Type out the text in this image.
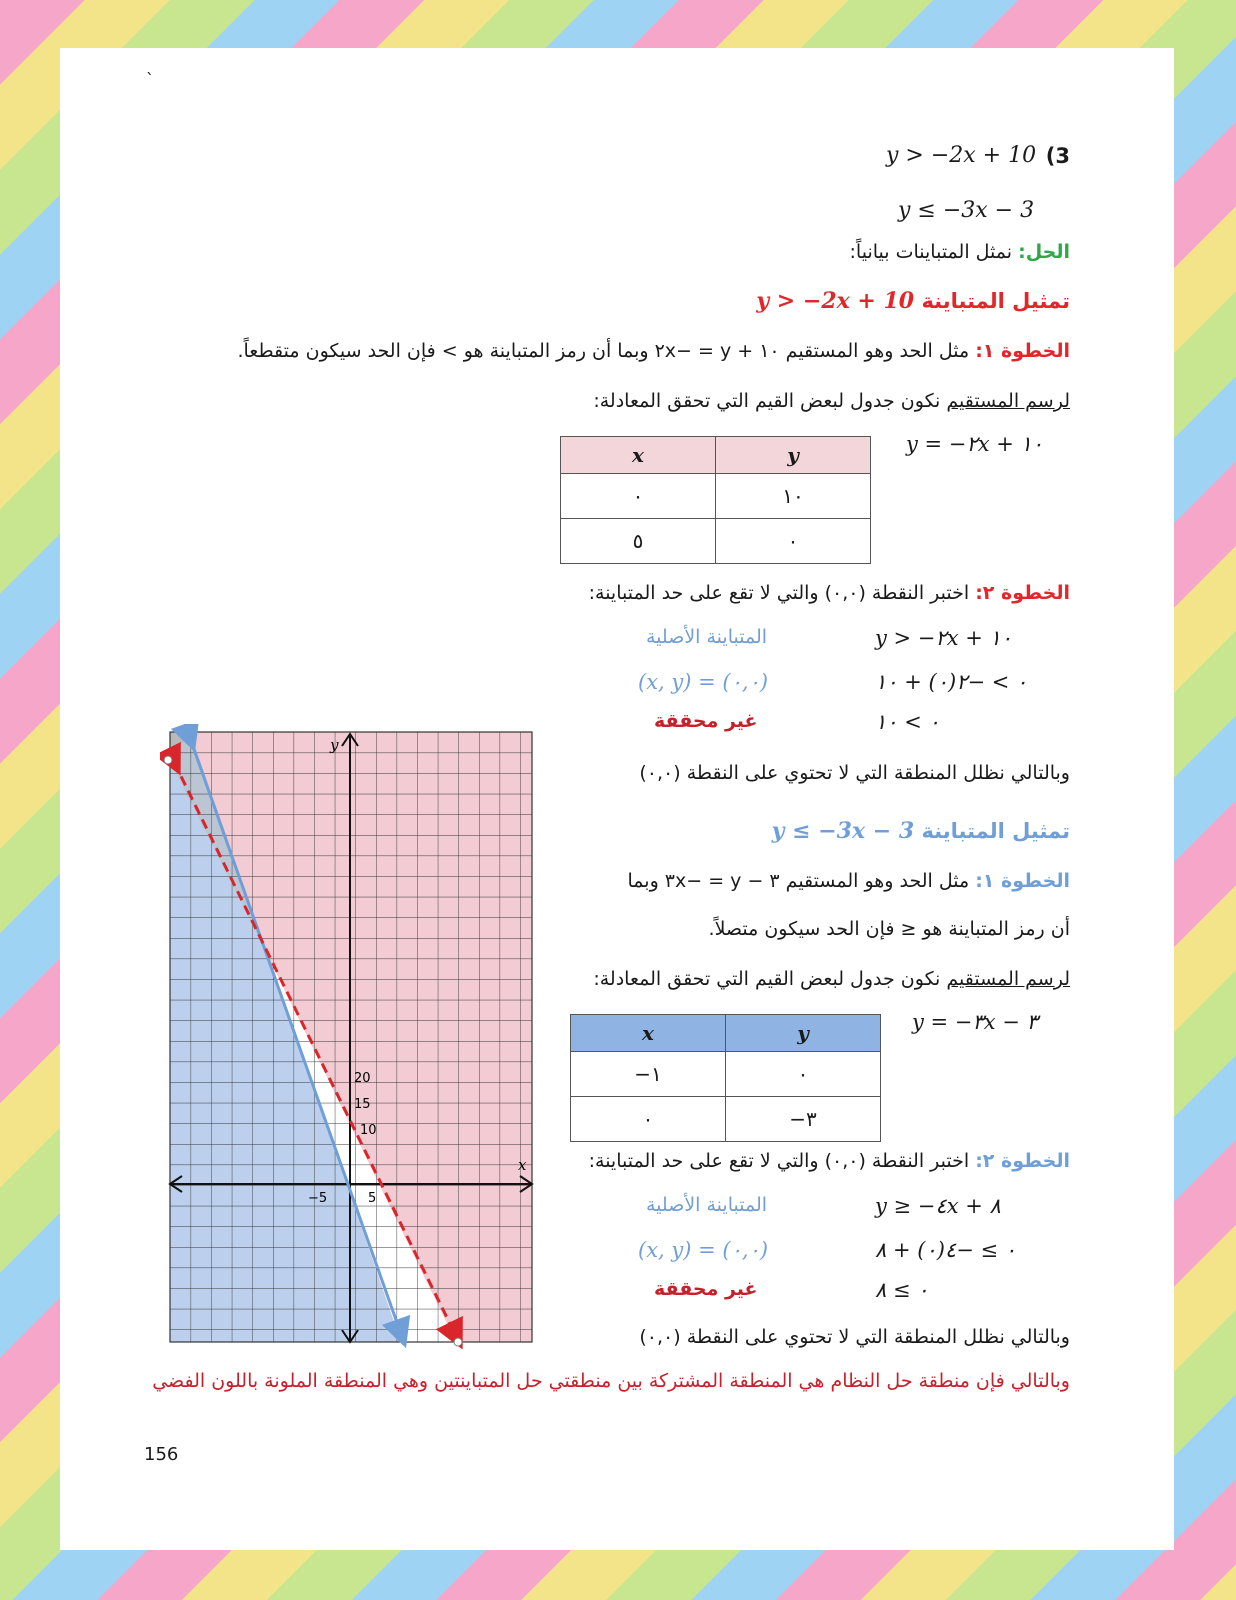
`
(3
y > −2x + 10
y ≤ −3x − 3
الحل: نمثل المتباينات بيانياً:
تمثيل المتباينة y > −2x + 10
الخطوة ١: مثل الحد وهو المستقيم ١٠ + y = −٢x وبما أن رمز المتباينة هو > فإن الحد سيكون متقطعاً.
لرسم المستقيم نكون جدول لبعض القيم التي تحقق المعادلة:
y = −٢x + ١٠
x	y
٠	١٠
٥	٠
الخطوة ٢: اختبر النقطة (٠,٠) والتي لا تقع على حد المتباينة:
y > −٢x + ١٠
٠ > −٢(٠) + ١٠
٠ > ١٠
المتباينة الأصلية
(x, y) = (٠,٠)
غير محققة
وبالتالي نظلل المنطقة التي لا تحتوي على النقطة (٠,٠)
تمثيل المتباينة y ≤ −3x − 3
الخطوة ١: مثل الحد وهو المستقيم ٣ − y = −٣x وبما
أن رمز المتباينة هو ≤ فإن الحد سيكون متصلاً.
لرسم المستقيم نكون جدول لبعض القيم التي تحقق المعادلة:
y = −٣x − ٣
x	y
−١	٠
٠	−٣
الخطوة ٢: اختبر النقطة (٠,٠) والتي لا تقع على حد المتباينة:
y ≥ −٤x + ٨
٠ ≥ −٤(٠) + ٨
٠ ≥ ٨
المتباينة الأصلية
(x, y) = (٠,٠)
غير محققة
وبالتالي نظلل المنطقة التي لا تحتوي على النقطة (٠,٠)
وبالتالي فإن منطقة حل النظام هي المنطقة المشتركة بين منطقتي حل المتباينتين وهي المنطقة الملونة باللون الفضي
156
y
x
20
15
10
−5	5
